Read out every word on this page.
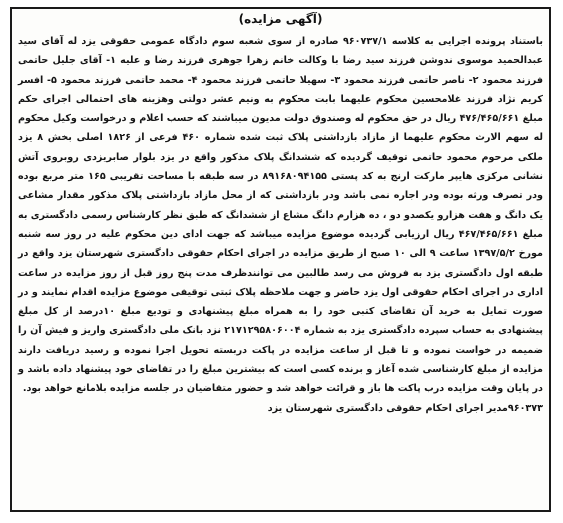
(آگهی مزایده)

باستناد پرونده اجرایی به کلاسه ۹۶۰۷۳۷/۱ صادره از سوی شعبه سوم دادگاه عمومی حقوقی یزد له آقای سید عبدالحمید موسوی ندوشن فرزند سید رضا با وکالت خانم زهرا جوهری فرزند رضا و علیه ۱- آقای جلیل حاتمی فرزند محمود ۲- ناصر حاتمی فرزند محمود ۳- سهیلا حاتمی فرزند محمود ۴- محمد حاتمی فرزند محمود ۵- افسر کریم نژاد فرزند غلامحسین محکوم علیهما بابت محکوم به ونیم عشر دولتی وهزینه های احتمالی اجرای حکم مبلغ ۴۷۶/۴۶۵/۶۶۱ ریال در حق محکوم له وصندوق دولت مدیون میباشند که حسب اعلام و درخواست وکیل محکوم له سهم الارث محکوم علیهما از مازاد بازداشتی پلاک ثبت شده شماره ۴۶۰ فرعی از ۱۸۲۶ اصلی بخش ۸ یزد ملکی مرحوم محمود حاتمی توقیف گردیده که ششدانگ پلاک مذکور واقع در یزد بلوار صابریزدی روبروی آتش نشانی مرکزی هایپر مارکت ارنج به کد پستی ۸۹۱۶۸۰۹۴۱۵۵ در سه طبقه با مساحت تقریبی ۱۶۵ متر مربع بوده ودر تصرف ورثه بوده ودر اجاره نمی باشد ودر بازداشتی که از محل مازاد بازداشتی پلاک مذکور مقدار مشاعی یک دانگ و هفت هزارو یکصدو دو ، ده هزارم دانگ مشاع از ششدانگ که طبق نظر کارشناس رسمی دادگستری به مبلغ ۴۶۷/۴۶۵/۶۶۱ ریال ارزیابی گردیده موضوع مزایده میباشد که جهت ادای دین محکوم علیه در روز سه شنبه مورخ ۱۳۹۷/۵/۲ ساعت ۹ الی ۱۰ صبح از طریق مزایده در اجرای احکام حقوقی دادگستری شهرستان یزد واقع در طبقه اول دادگستری یزد به فروش می رسد طالبین می توانندظرف مدت پنج روز قبل از روز مزایده در ساعت اداری در اجرای احکام حقوقی اول یزد حاضر و جهت ملاحظه پلاک ثبتی توقیفی موضوع مزایده اقدام نمایند و در صورت تمایل به خرید آن تقاضای کتبی خود را به همراه مبلغ پیشنهادی و تودیع مبلغ ۱۰درصد از کل مبلغ پیشنهادی به حساب سپرده دادگستری یزد به شماره ۲۱۷۱۲۹۵۸۰۶۰۰۴ نزد بانک ملی دادگستری واریز و فیش آن را ضمیمه در خواست نموده و تا قبل از ساعت مزایده در پاکت دربسته تحویل اجرا نموده و رسید دریافت دارند مزایده از مبلغ کارشناسی شده آغاز و برنده کسی است که بیشترین مبلغ را در تقاضای خود پیشنهاد داده باشد و در پایان وقت مزایده درب پاکت ها باز و قرائت خواهد شد و حضور متقاضیان در جلسه مزایده بلامانع خواهد بود.

۹۶۰۳۷۳مدیر اجرای احکام حقوقی دادگستری شهرستان یزد
